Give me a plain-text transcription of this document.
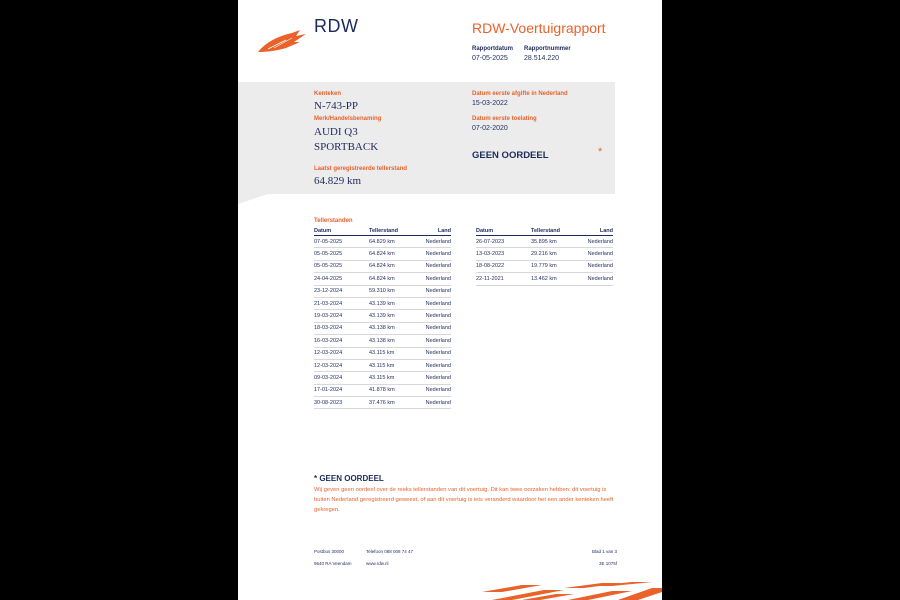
RDW	RDW-Voertuigrapport
Rapportdatum
07-05-2025
Rapportnummer
28.514.220
Kenteken
N-743-PP
Merk/Handelsbenaming
AUDI Q3
SPORTBACK
Laatst geregistreerde tellerstand
64.829 km
Datum eerste afgifte in Nederland
15-03-2022
Datum eerste toelating
07-02-2020
GEEN OORDEEL	*
Tellerstanden
Datum	Tellerstand	Land
07-05-2025	64.829 km	Nederland
05-05-2025	64.824 km	Nederland
05-05-2025	64.824 km	Nederland
24-04-2025	64.824 km	Nederland
23-12-2024	59.310 km	Nederland
21-03-2024	43.139 km	Nederland
19-03-2024	43.139 km	Nederland
18-03-2024	43.138 km	Nederland
16-03-2024	43.138 km	Nederland
12-03-2024	43.115 km	Nederland
12-03-2024	43.115 km	Nederland
09-03-2024	43.115 km	Nederland
17-01-2024	41.878 km	Nederland
30-08-2023	37.476 km	Nederland
Datum	Tellerstand	Land
26-07-2023	35.895 km	Nederland
13-03-2023	29.216 km	Nederland
18-08-2022	19.779 km	Nederland
22-11-2021	13.462 km	Nederland
* GEEN OORDEEL
Wij geven geen oordeel over de reeks tellerstanden van dit voertuig. Dit kan twee oorzaken hebben: dit voertuig is buiten Nederland geregistreerd geweest, of aan dit voertuig is iets veranderd waardoor het een ander kenteken heeft gekregen.
Postbus 30000
9640 RA Veendam
Telefoon 088 008 74 47
www.rdw.nl
Blad 1 van 3
3E 1075f
